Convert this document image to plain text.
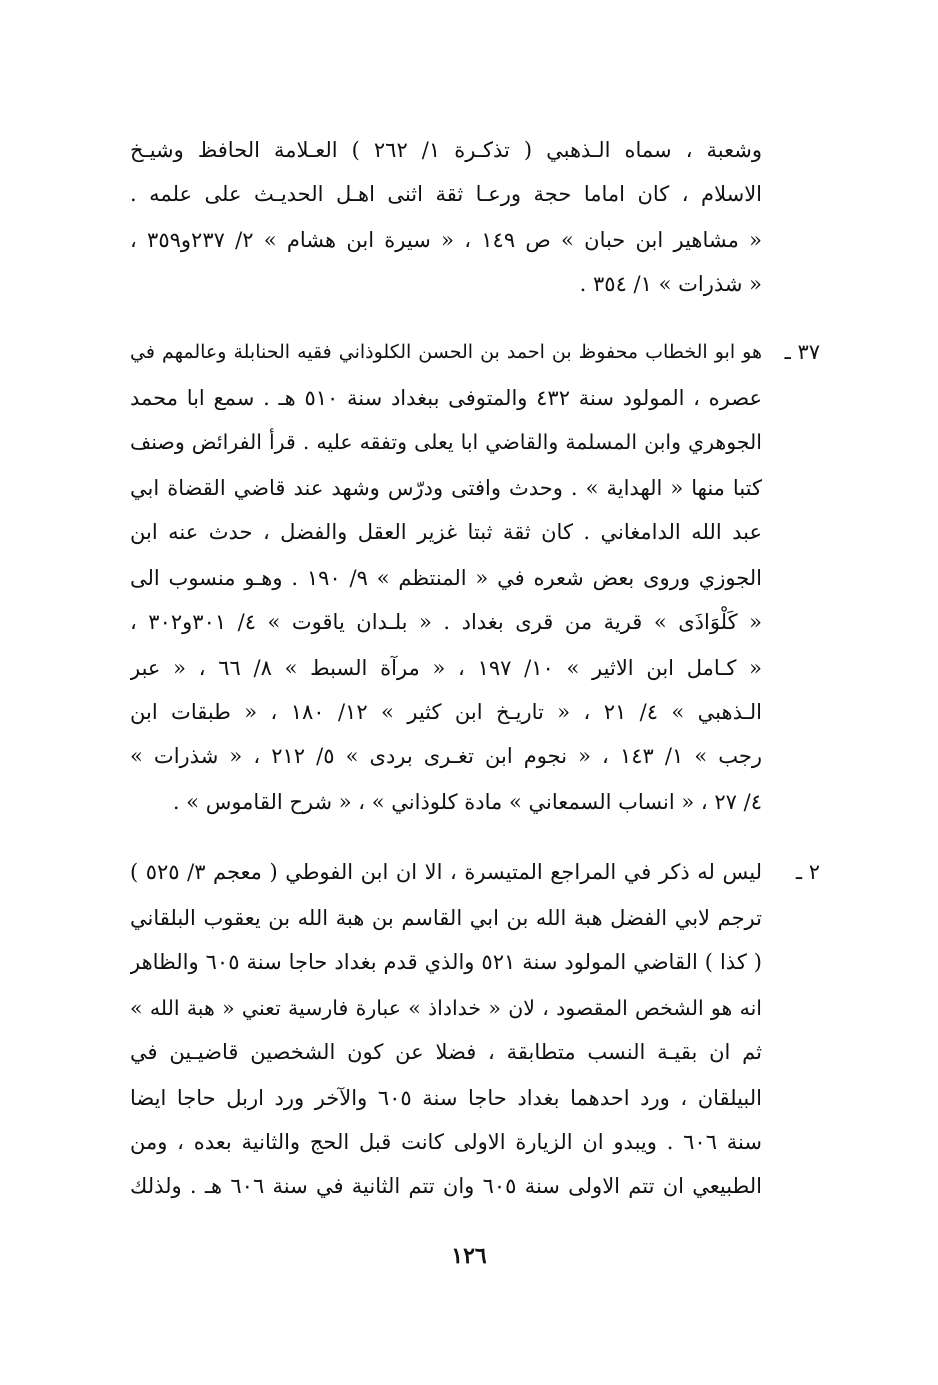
وشعبة ، سماه الـذهبي ( تذكـرة ١/ ٢٦٢ ) العـلامة الحافظ وشيـخ
الاسلام ، كان اماما حجة ورعـا ثقة اثنى اهـل الحديـث على علمه .
« مشاهير ابن حبان » ص ١٤٩ ، « سيرة ابن هشام » ٢/ ٢٣٧و٣٥٩ ،
« شذرات » ١/ ٣٥٤ .
٣٧ ـ
هو ابو الخطاب محفوظ بن احمد بن الحسن الكلوذاني فقيه الحنابلة وعالمهم في
عصره ، المولود سنة ٤٣٢ والمتوفى ببغداد سنة ٥١٠ هـ . سمع ابا محمد
الجوهري وابن المسلمة والقاضي ابا يعلى وتفقه عليه . قرأ الفرائض وصنف
كتبا منها « الهداية » . وحدث وافتى ودرّس وشهد عند قاضي القضاة ابي
عبد الله الدامغاني . كان ثقة ثبتا غزير العقل والفضل ، حدث عنه ابن
الجوزي وروى بعض شعره في « المنتظم » ٩/ ١٩٠ . وهـو منسوب الى
« كَلْوَاذَى » قرية من قرى بغداد . « بلـدان ياقوت » ٤/ ٣٠١و٣٠٢ ،
« كـامل ابن الاثير » ١٠/ ١٩٧ ، « مرآة السبط » ٨/ ٦٦ ، « عبر
الـذهبي » ٤/ ٢١ ، « تاريـخ ابن كثير » ١٢/ ١٨٠ ، « طبقات ابن
رجب » ١/ ١٤٣ ، « نجوم ابن تغـرى بردى » ٥/ ٢١٢ ، « شذرات »
٤/ ٢٧ ، « انساب السمعاني » مادة كلوذاني » ، « شرح القاموس » .
٢ ـ
ليس له ذكر في المراجع المتيسرة ، الا ان ابن الفوطي ( معجم ٣/ ٥٢٥ )
ترجم لابي الفضل هبة الله بن ابي القاسم بن هبة الله بن يعقوب البلقاني
( كذا ) القاضي المولود سنة ٥٢١ والذي قدم بغداد حاجا سنة ٦٠٥ والظاهر
انه هو الشخص المقصود ، لان « خداداذ » عبارة فارسية تعني « هبة الله »
ثم ان بقيـة النسب متطابقة ، فضلا عن كون الشخصين قاضيـين في
البيلقان ، ورد احدهما بغداد حاجا سنة ٦٠٥ والآخر ورد اربل حاجا ايضا
سنة ٦٠٦ . ويبدو ان الزيارة الاولى كانت قبل الحج والثانية بعده ، ومن
الطبيعي ان تتم الاولى سنة ٦٠٥ وان تتم الثانية في سنة ٦٠٦ هـ . ولذلك
١٢٦
